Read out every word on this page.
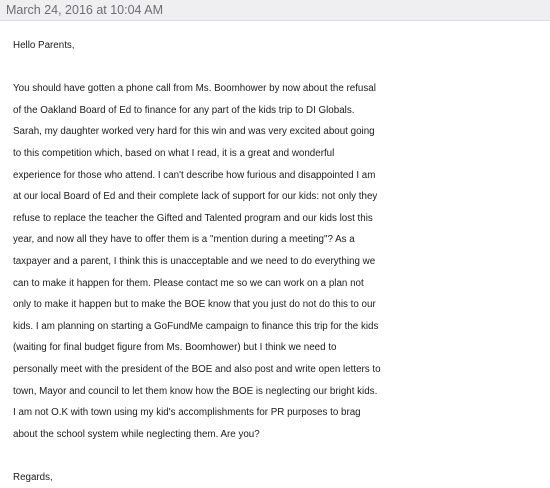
March 24, 2016 at 10:04 AM
Hello Parents,
You should have gotten a phone call from Ms. Boomhower by now about the refusal
of the Oakland Board of Ed to finance for any part of the kids trip to DI Globals.
Sarah, my daughter worked very hard for this win and was very excited about going
to this competition which, based on what I read, it is a great and wonderful
experience for those who attend. I can't describe how furious and disappointed I am
at our local Board of Ed and their complete lack of support for our kids: not only they
refuse to replace the teacher the Gifted and Talented program and our kids lost this
year, and now all they have to offer them is a "mention during a meeting"? As a
taxpayer and a parent, I think this is unacceptable and we need to do everything we
can to make it happen for them. Please contact me so we can work on a plan not
only to make it happen but to make the BOE know that you just do not do this to our
kids. I am planning on starting a GoFundMe campaign to finance this trip for the kids
(waiting for final budget figure from Ms. Boomhower) but I think we need to
personally meet with the president of the BOE and also post and write open letters to
town, Mayor and council to let them know how the BOE is neglecting our bright kids.
I am not O.K with town using my kid's accomplishments for PR purposes to brag
about the school system while neglecting them. Are you?
Regards,
